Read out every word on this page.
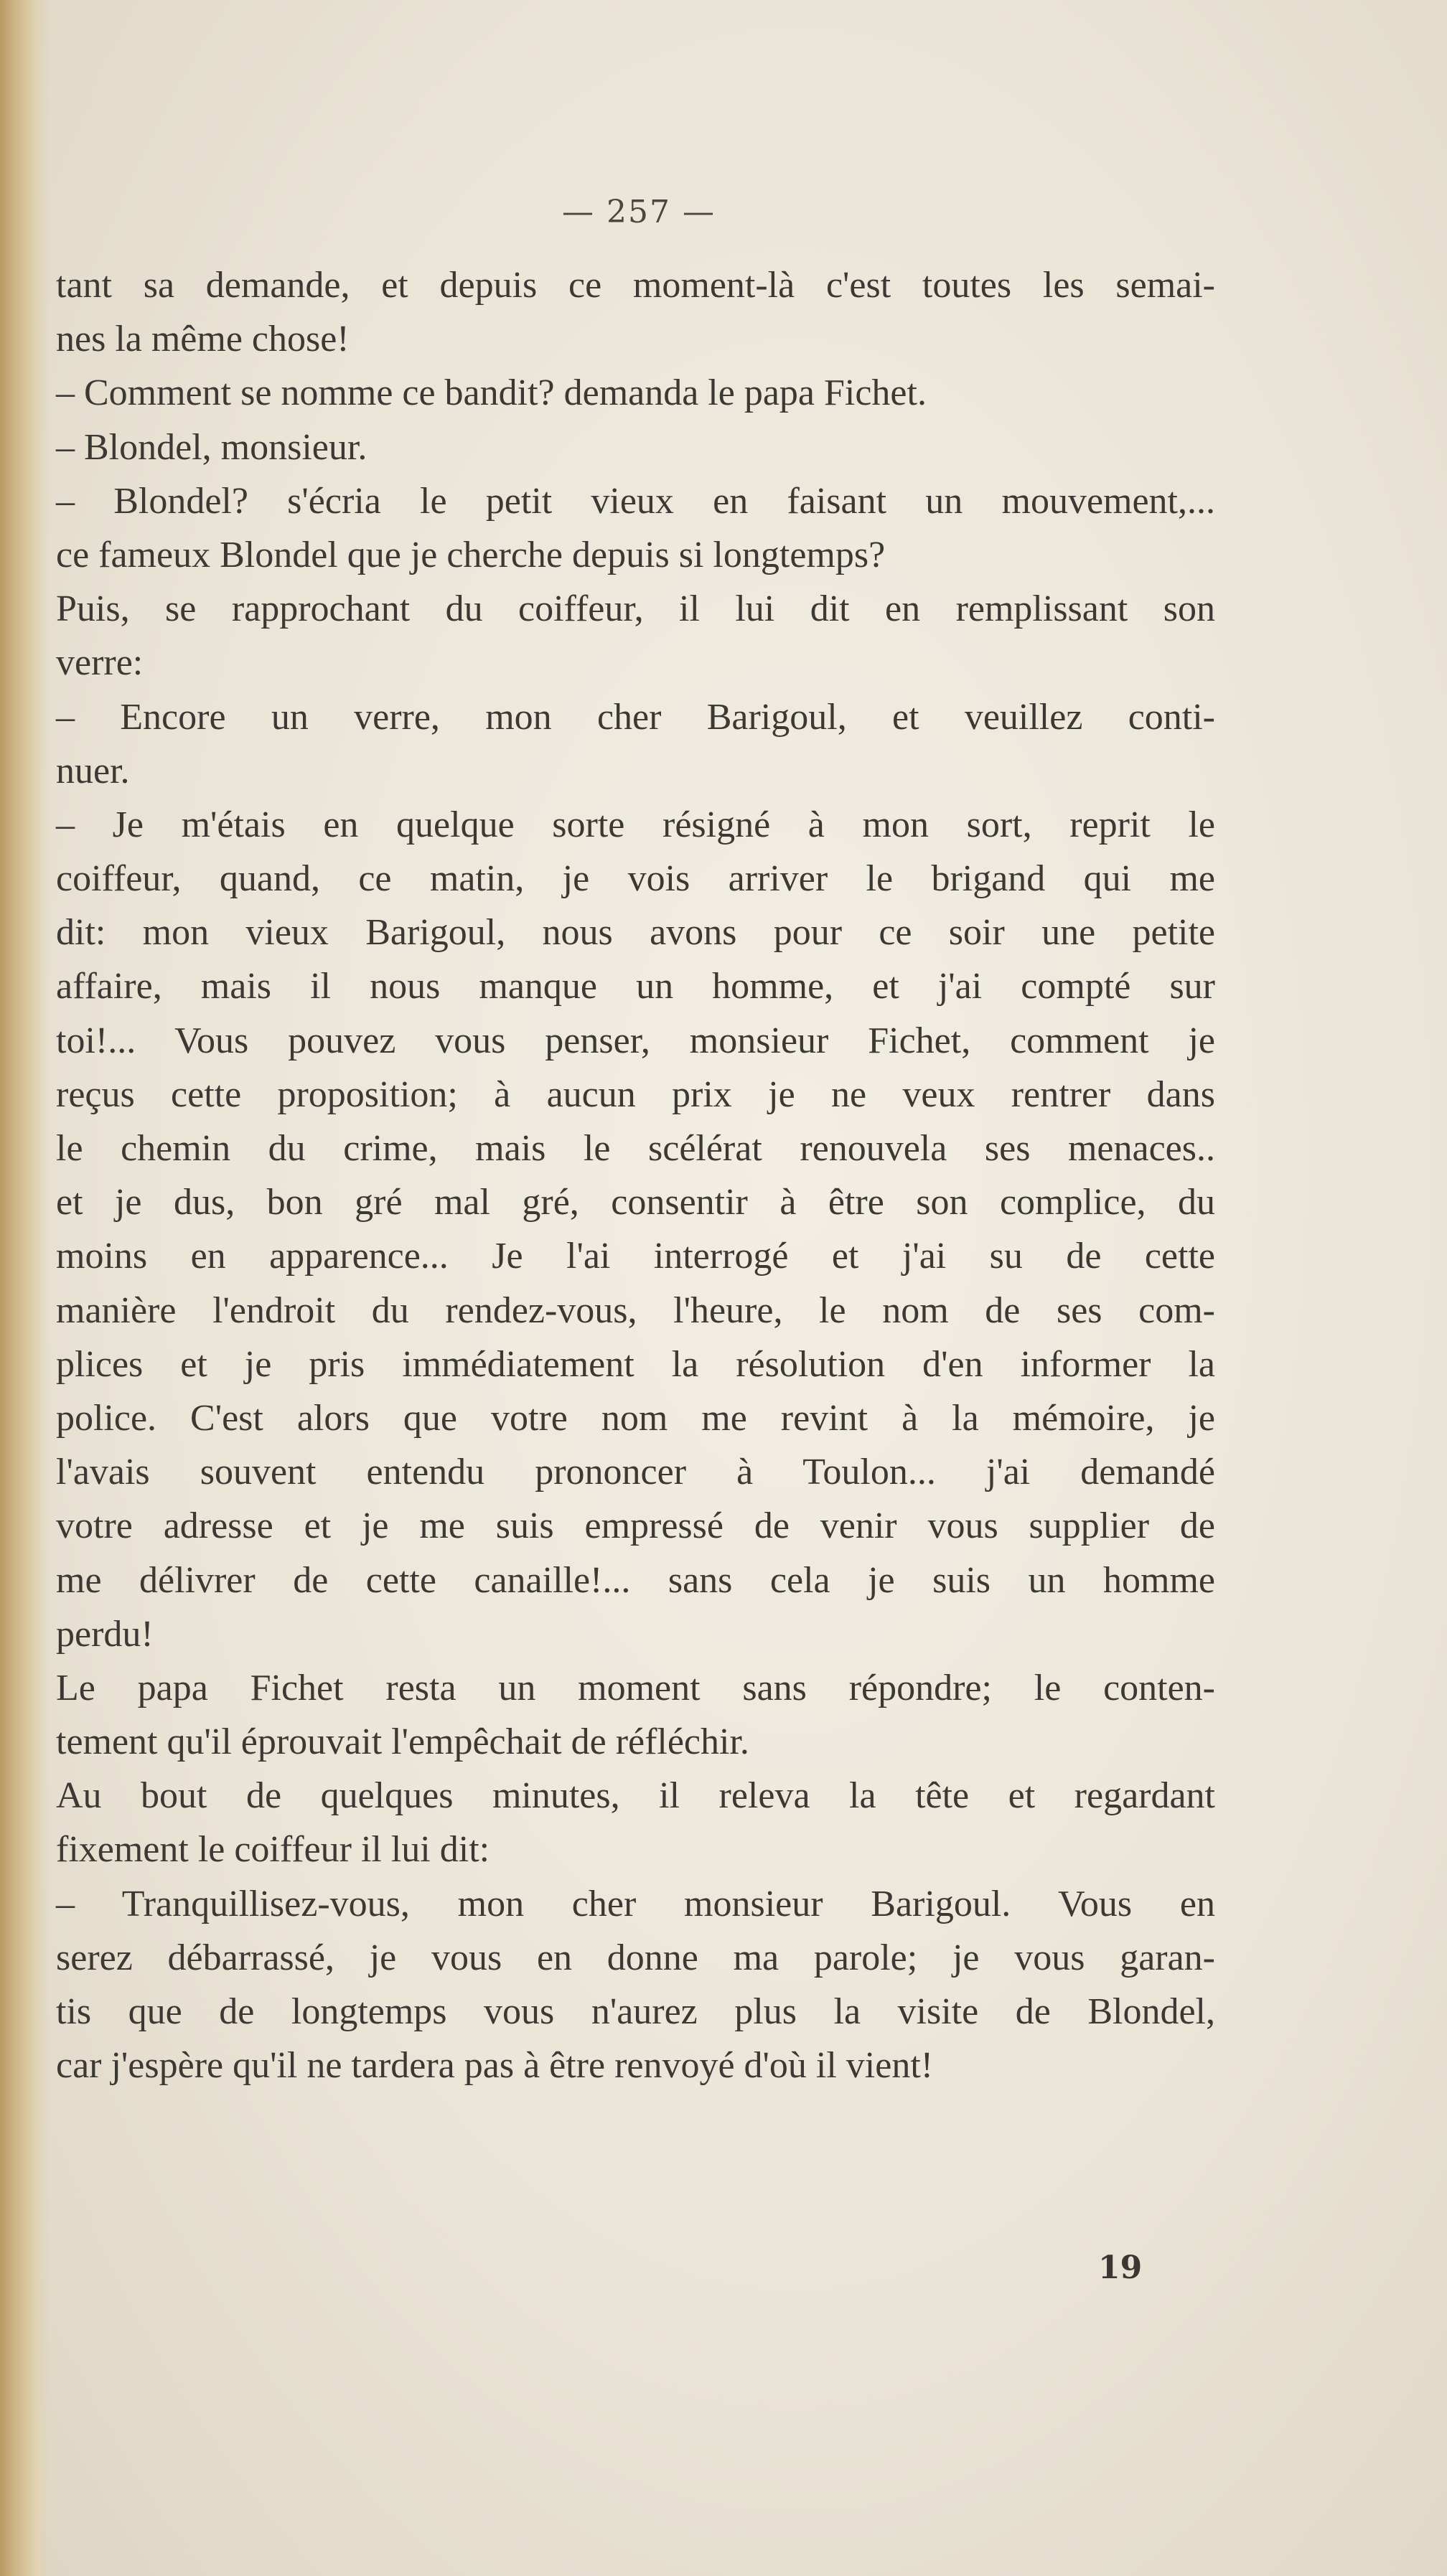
— 257 —
tant sa demande, et depuis ce moment-là c'est toutes les semai-
nes la même chose!
– Comment se nomme ce bandit? demanda le papa Fichet.
– Blondel, monsieur.
– Blondel? s'écria le petit vieux en faisant un mouvement,...
ce fameux Blondel que je cherche depuis si longtemps?
Puis, se rapprochant du coiffeur, il lui dit en remplissant son
verre:
– Encore un verre, mon cher Barigoul, et veuillez conti-
nuer.
– Je m'étais en quelque sorte résigné à mon sort, reprit le
coiffeur, quand, ce matin, je vois arriver le brigand qui me
dit: mon vieux Barigoul, nous avons pour ce soir une petite
affaire, mais il nous manque un homme, et j'ai compté sur
toi!... Vous pouvez vous penser, monsieur Fichet, comment je
reçus cette proposition; à aucun prix je ne veux rentrer dans
le chemin du crime, mais le scélérat renouvela ses menaces..
et je dus, bon gré mal gré, consentir à être son complice, du
moins en apparence... Je l'ai interrogé et j'ai su de cette
manière l'endroit du rendez-vous, l'heure, le nom de ses com-
plices et je pris immédiatement la résolution d'en informer la
police. C'est alors que votre nom me revint à la mémoire, je
l'avais souvent entendu prononcer à Toulon... j'ai demandé
votre adresse et je me suis empressé de venir vous supplier de
me délivrer de cette canaille!... sans cela je suis un homme
perdu!
Le papa Fichet resta un moment sans répondre; le conten-
tement qu'il éprouvait l'empêchait de réfléchir.
Au bout de quelques minutes, il releva la tête et regardant
fixement le coiffeur il lui dit:
– Tranquillisez-vous, mon cher monsieur Barigoul. Vous en
serez débarrassé, je vous en donne ma parole; je vous garan-
tis que de longtemps vous n'aurez plus la visite de Blondel,
car j'espère qu'il ne tardera pas à être renvoyé d'où il vient!
19
